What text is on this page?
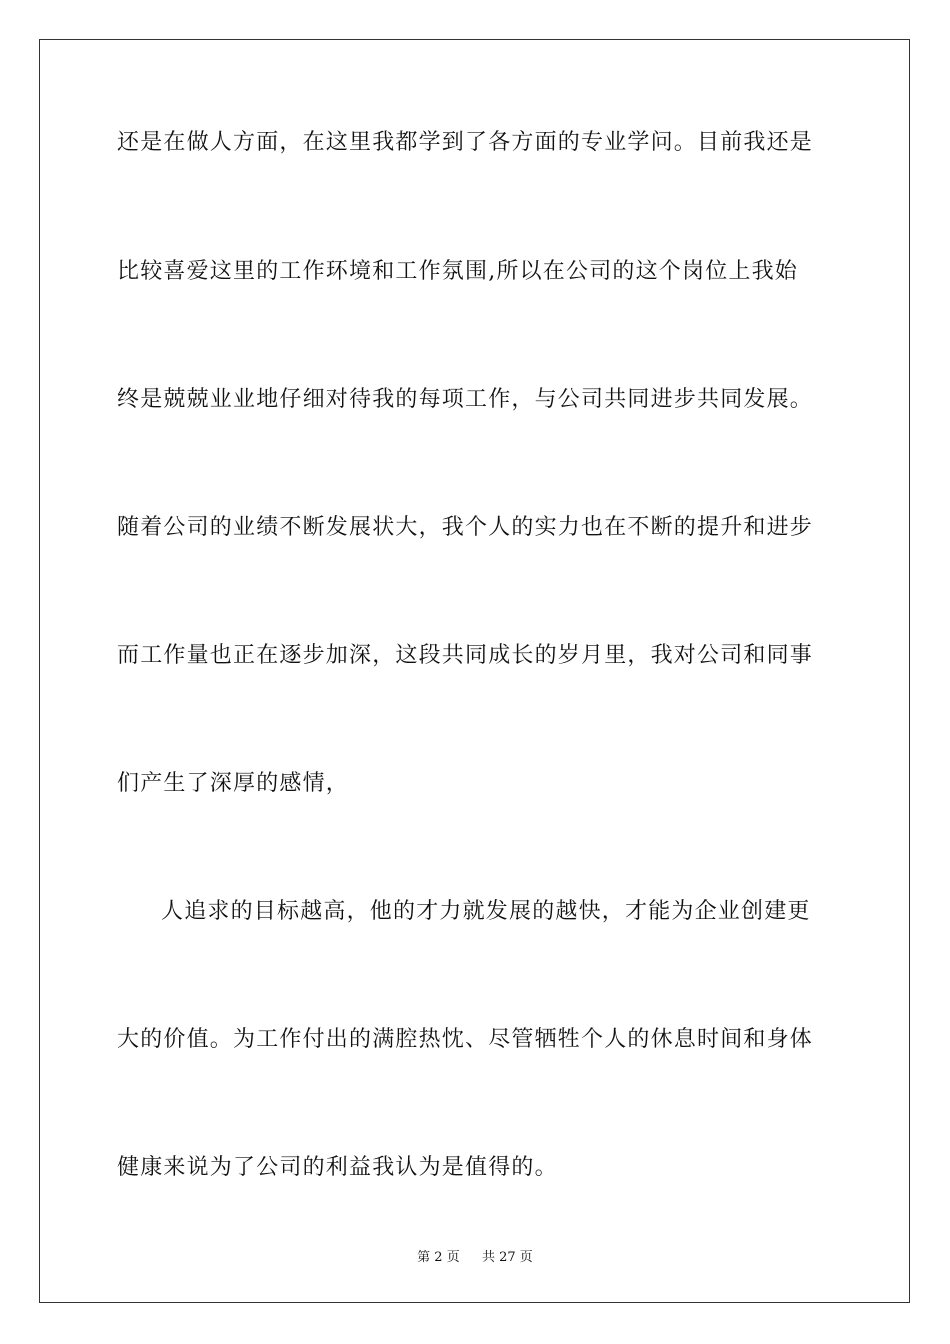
还是在做人方面，在这里我都学到了各方面的专业学问。目前我还是
比较喜爱这里的工作环境和工作氛围,所以在公司的这个岗位上我始
终是兢兢业业地仔细对待我的每项工作，与公司共同进步共同发展。
随着公司的业绩不断发展状大，我个人的实力也在不断的提升和进步
而工作量也正在逐步加深，这段共同成长的岁月里，我对公司和同事
们产生了深厚的感情，
人追求的目标越高，他的才力就发展的越快，才能为企业创建更
大的价值。为工作付出的满腔热忱、尽管牺牲个人的休息时间和身体
健康来说为了公司的利益我认为是值得的。
第 2 页 共 27 页
